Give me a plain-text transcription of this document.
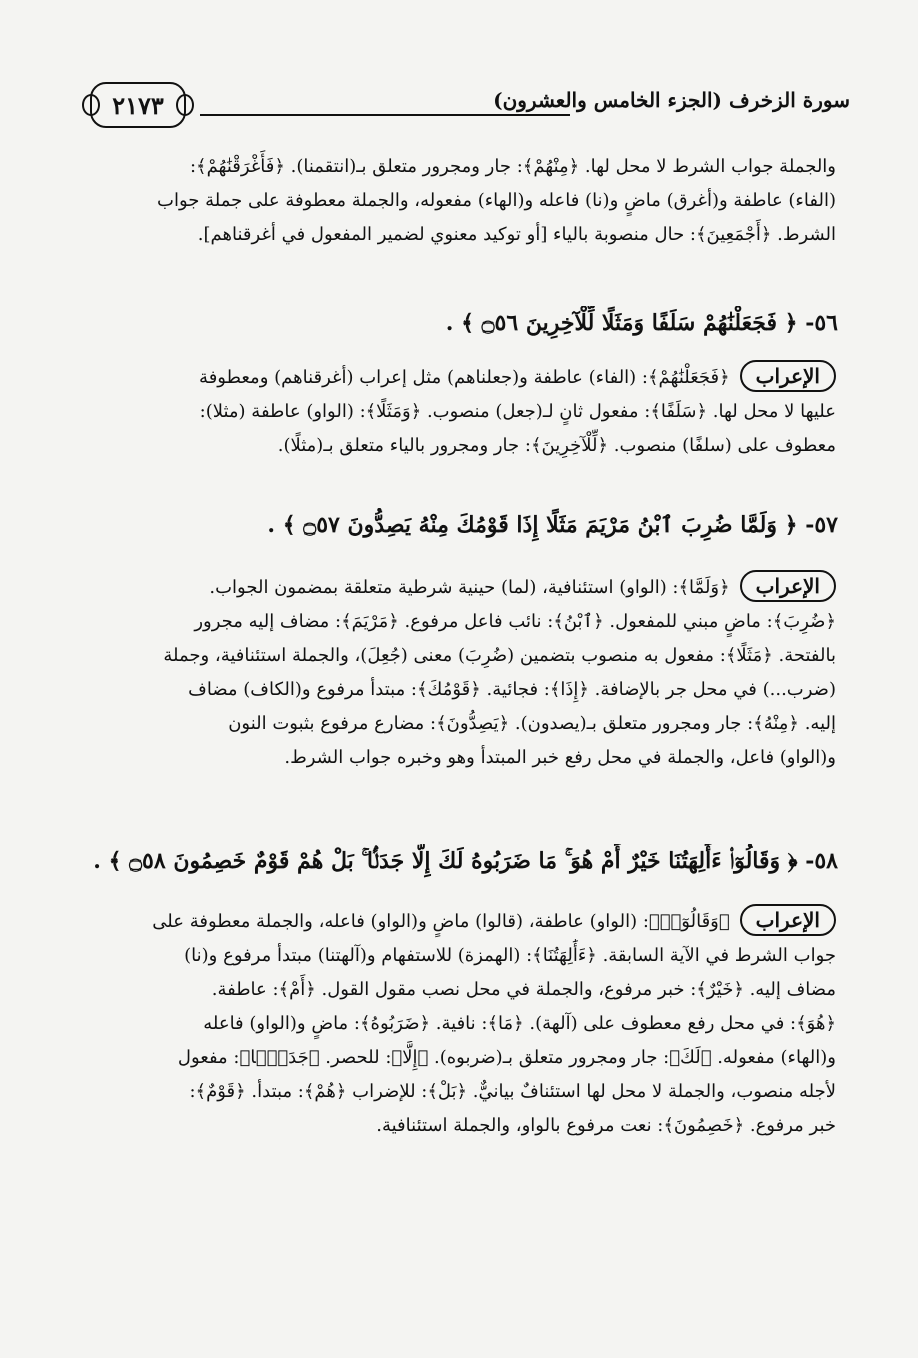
٢١٧٣	سورة الزخرف (الجزء الخامس والعشرون)
والجملة جواب الشرط لا محل لها. ﴿مِنْهُمْ﴾: جار ومجرور متعلق بـ(انتقمنا). ﴿فَأَغْرَقْنَٰهُمْ﴾:
(الفاء) عاطفة و(أغرق) ماضٍ و(نا) فاعله و(الهاء) مفعوله، والجملة معطوفة على جملة جواب
الشرط. ﴿أَجْمَعِينَ﴾: حال منصوبة بالياء [أو توكيد معنوي لضمير المفعول في أغرقناهم].
٥٦- ﴿ فَجَعَلْنَٰهُمْ سَلَفًا وَمَثَلًا لِّلْآخِرِينَ ۝٥٦ ﴾ .
الإعراب﴿فَجَعَلْنَٰهُمْ﴾: (الفاء) عاطفة و(جعلناهم) مثل إعراب (أغرقناهم) ومعطوفة
عليها لا محل لها. ﴿سَلَفًا﴾: مفعول ثانٍ لـ(جعل) منصوب. ﴿وَمَثَلًا﴾: (الواو) عاطفة (مثلا):
معطوف على (سلفًا) منصوب. ﴿لِّلْآخِرِينَ﴾: جار ومجرور بالياء متعلق بـ(مثلًا).
٥٧- ﴿ وَلَمَّا ضُرِبَ ٱبْنُ مَرْيَمَ مَثَلًا إِذَا قَوْمُكَ مِنْهُ يَصِدُّونَ ۝٥٧ ﴾ .
الإعراب﴿وَلَمَّا﴾: (الواو) استئنافية، (لما) حينية شرطية متعلقة بمضمون الجواب.
﴿ضُرِبَ﴾: ماضٍ مبني للمفعول. ﴿ٱبْنُ﴾: نائب فاعل مرفوع. ﴿مَرْيَمَ﴾: مضاف إليه مجرور
بالفتحة. ﴿مَثَلًا﴾: مفعول به منصوب بتضمين (ضُرِبَ) معنى (جُعِلَ)، والجملة استئنافية، وجملة
(ضرب...) في محل جر بالإضافة. ﴿إِذَا﴾: فجائية. ﴿قَوْمُكَ﴾: مبتدأ مرفوع و(الكاف) مضاف
إليه. ﴿مِنْهُ﴾: جار ومجرور متعلق بـ(يصدون). ﴿يَصِدُّونَ﴾: مضارع مرفوع بثبوت النون
و(الواو) فاعل، والجملة في محل رفع خبر المبتدأ وهو وخبره جواب الشرط.
٥٨- ﴿ وَقَالُوٓا۟ ءَأَٰلِهَتُنَا خَيْرٌ أَمْ هُوَ ۚ مَا ضَرَبُوهُ لَكَ إِلَّا جَدَلًۢا ۚ بَلْ هُمْ قَوْمٌ خَصِمُونَ ۝٥٨ ﴾ .
الإعراب﴿وَقَالُوٓا۟﴾: (الواو) عاطفة، (قالوا) ماضٍ و(الواو) فاعله، والجملة معطوفة على
جواب الشرط في الآية السابقة. ﴿ءَأَٰلِهَتُنَا﴾: (الهمزة) للاستفهام و(آلهتنا) مبتدأ مرفوع و(نا)
مضاف إليه. ﴿خَيْرٌ﴾: خبر مرفوع، والجملة في محل نصب مقول القول. ﴿أَمْ﴾: عاطفة.
﴿هُوَ﴾: في محل رفع معطوف على (آلهة). ﴿مَا﴾: نافية. ﴿ضَرَبُوهُ﴾: ماضٍ و(الواو) فاعله
و(الهاء) مفعوله. ﴿لَكَ﴾: جار ومجرور متعلق بـ(ضربوه). ﴿إِلَّا﴾: للحصر. ﴿جَدَلًۢا﴾: مفعول
لأجله منصوب، والجملة لا محل لها استئنافٌ بيانيٌّ. ﴿بَلْ﴾: للإضراب ﴿هُمْ﴾: مبتدأ. ﴿قَوْمٌ﴾:
خبر مرفوع. ﴿خَصِمُونَ﴾: نعت مرفوع بالواو، والجملة استئنافية.
